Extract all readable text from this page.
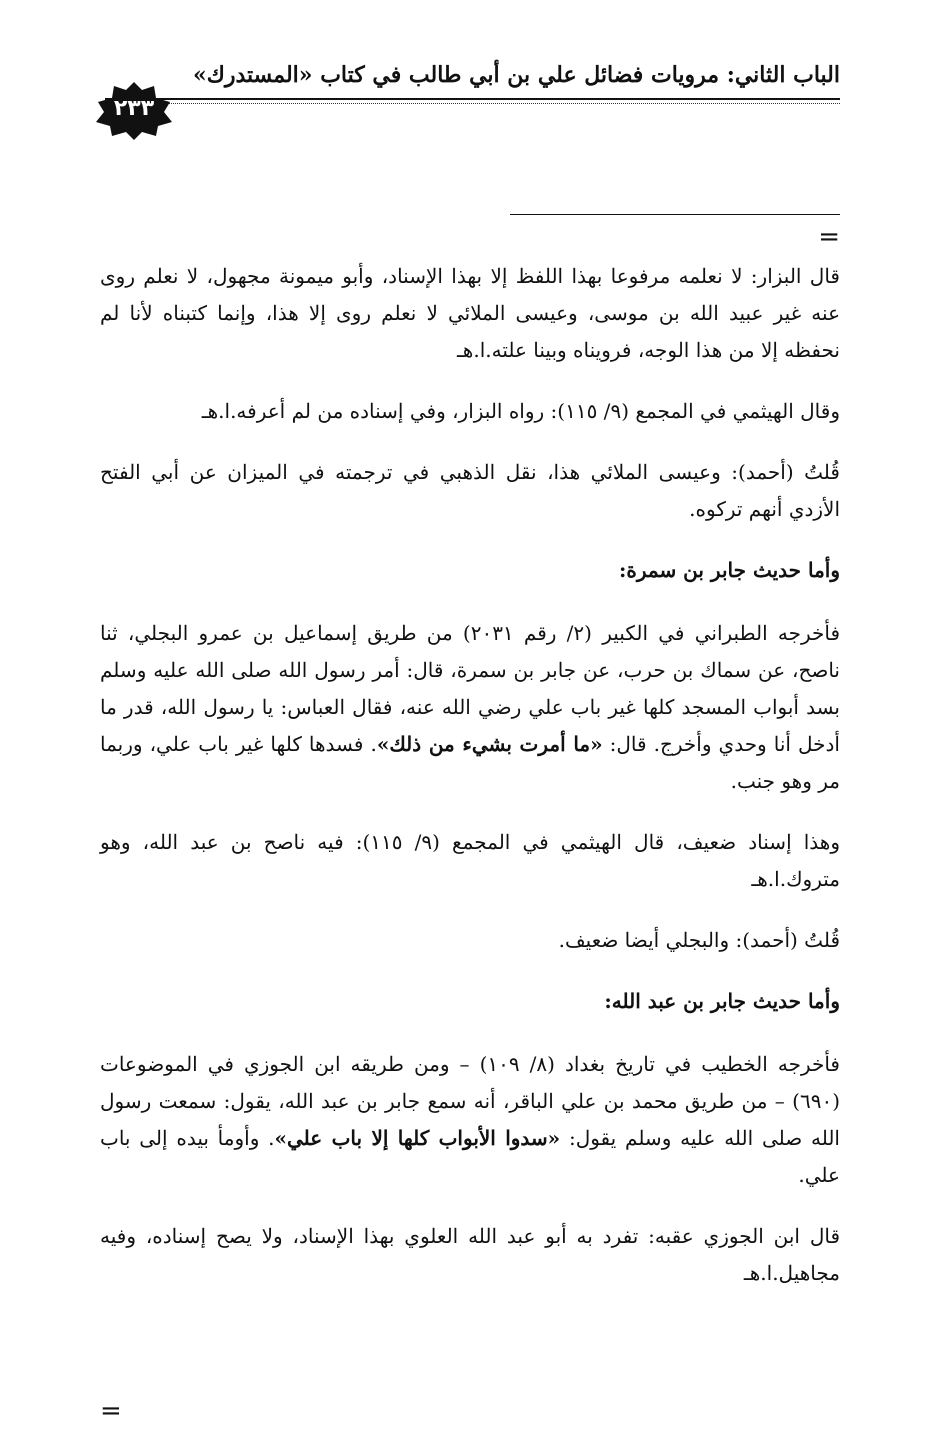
الباب الثاني: مرويات فضائل علي بن أبي طالب في كتاب «المستدرك»
٢٣٣
=

قال البزار: لا نعلمه مرفوعا بهذا اللفظ إلا بهذا الإسناد، وأبو ميمونة مجهول، لا نعلم روى عنه غير عبيد الله بن موسى، وعيسى الملائي لا نعلم روى إلا هذا، وإنما كتبناه لأنا لم نحفظه إلا من هذا الوجه، فرويناه وبينا علته.ا.هـ

وقال الهيثمي في المجمع (٩/ ١١٥): رواه البزار، وفي إسناده من لم أعرفه.ا.هـ

قُلتُ (أحمد): وعيسى الملائي هذا، نقل الذهبي في ترجمته في الميزان عن أبي الفتح الأزدي أنهم تركوه.

وأما حديث جابر بن سمرة:

فأخرجه الطبراني في الكبير (٢/ رقم ٢٠٣١) من طريق إسماعيل بن عمرو البجلي، ثنا ناصح، عن سماك بن حرب، عن جابر بن سمرة، قال: أمر رسول الله صلى الله عليه وسلم بسد أبواب المسجد كلها غير باب علي رضي الله عنه، فقال العباس: يا رسول الله، قدر ما أدخل أنا وحدي وأخرج. قال: «ما أمرت بشيء من ذلك». فسدها كلها غير باب علي، وربما مر وهو جنب.

وهذا إسناد ضعيف، قال الهيثمي في المجمع (٩/ ١١٥): فيه ناصح بن عبد الله، وهو متروك.ا.هـ

قُلتُ (أحمد): والبجلي أيضا ضعيف.

وأما حديث جابر بن عبد الله:

فأخرجه الخطيب في تاريخ بغداد (٨/ ١٠٩) – ومن طريقه ابن الجوزي في الموضوعات (٦٩٠) – من طريق محمد بن علي الباقر، أنه سمع جابر بن عبد الله، يقول: سمعت رسول الله صلى الله عليه وسلم يقول: «سدوا الأبواب كلها إلا باب علي». وأومأ بيده إلى باب علي.

قال ابن الجوزي عقبه: تفرد به أبو عبد الله العلوي بهذا الإسناد، ولا يصح إسناده، وفيه مجاهيل.ا.هـ

=
